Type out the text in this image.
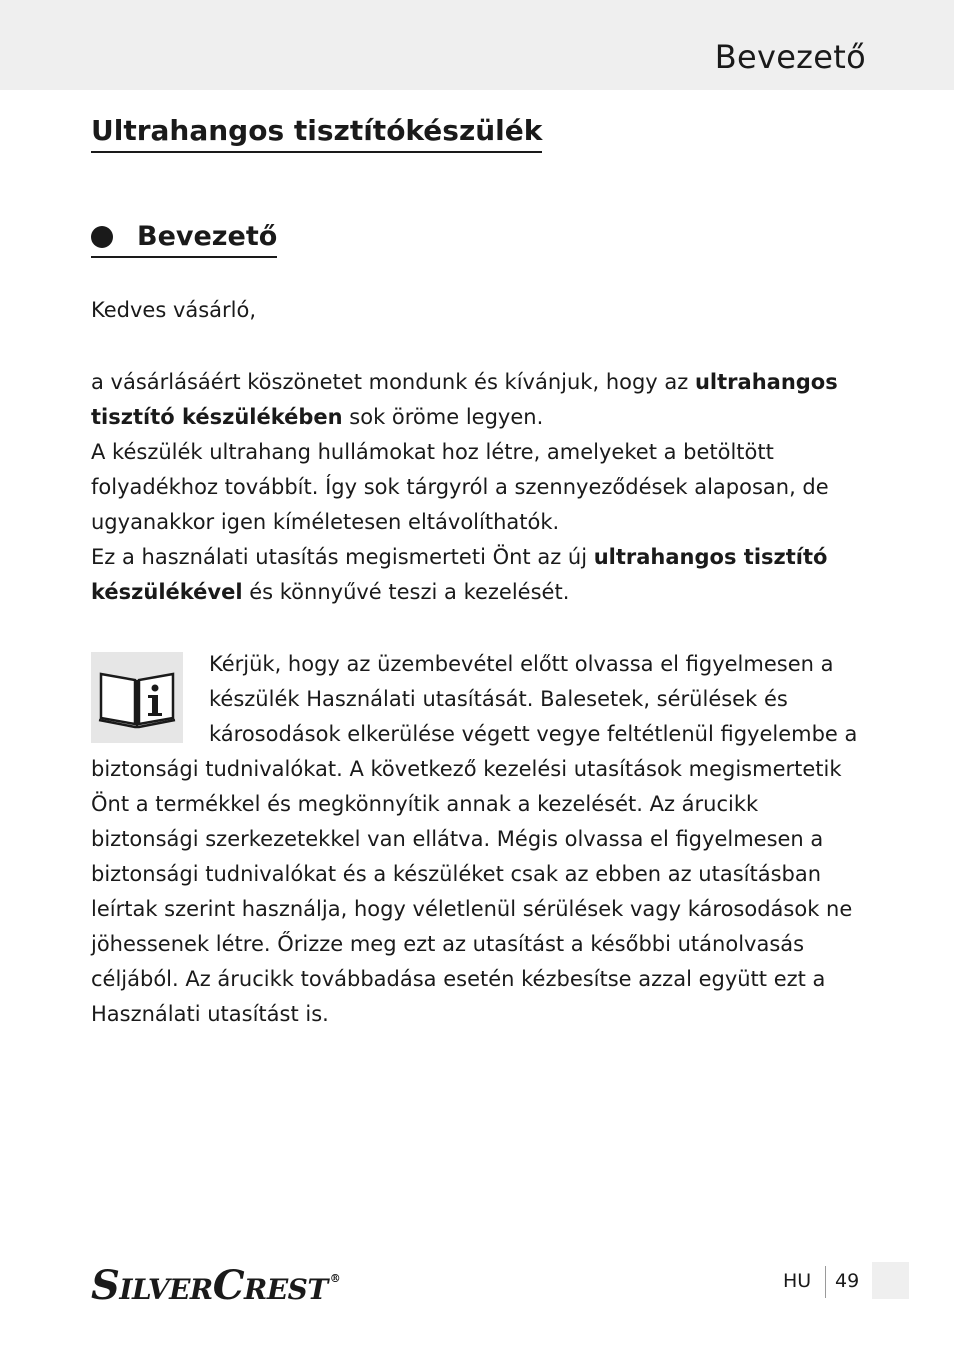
Bevezető
Ultrahangos tisztítókészülék
Bevezető
Kedves vásárló,

a vásárlásáért köszönetet mondunk és kívánjuk, hogy az ultrahangos tisztító készülékében sok öröme legyen.

A készülék ultrahang hullámokat hoz létre, amelyeket a betöltött folyadékhoz továbbít. Így sok tárgyról a szennyeződések alaposan, de ugyanakkor igen kíméletesen eltávolíthatók.

Ez a használati utasítás megismerteti Önt az új ultrahangos tisztító készülékével és könnyűvé teszi a kezelését.

Kérjük, hogy az üzembevétel előtt olvassa el figyelmesen a készülék Használati utasítását. Balesetek, sérülések és károsodások elkerülése végett vegye feltétlenül figyelembe a biztonsági tudnivalókat. A következő kezelési utasítások megismertetik Önt a termékkel és megkönnyítik annak a kezelését. Az árucikk biztonsági szerkezetekkel van ellátva. Mégis olvassa el figyelmesen a biztonsági tudnivalókat és a készüléket csak az ebben az utasításban leírtak szerint használja, hogy véletlenül sérülések vagy károsodások ne jöhessenek létre. Őrizze meg ezt az utasítást a későbbi utánolvasás céljából. Az árucikk továbbadása esetén kézbesítse azzal együtt ezt a Használati utasítást is.
SILVERCREST ®	HU 49
